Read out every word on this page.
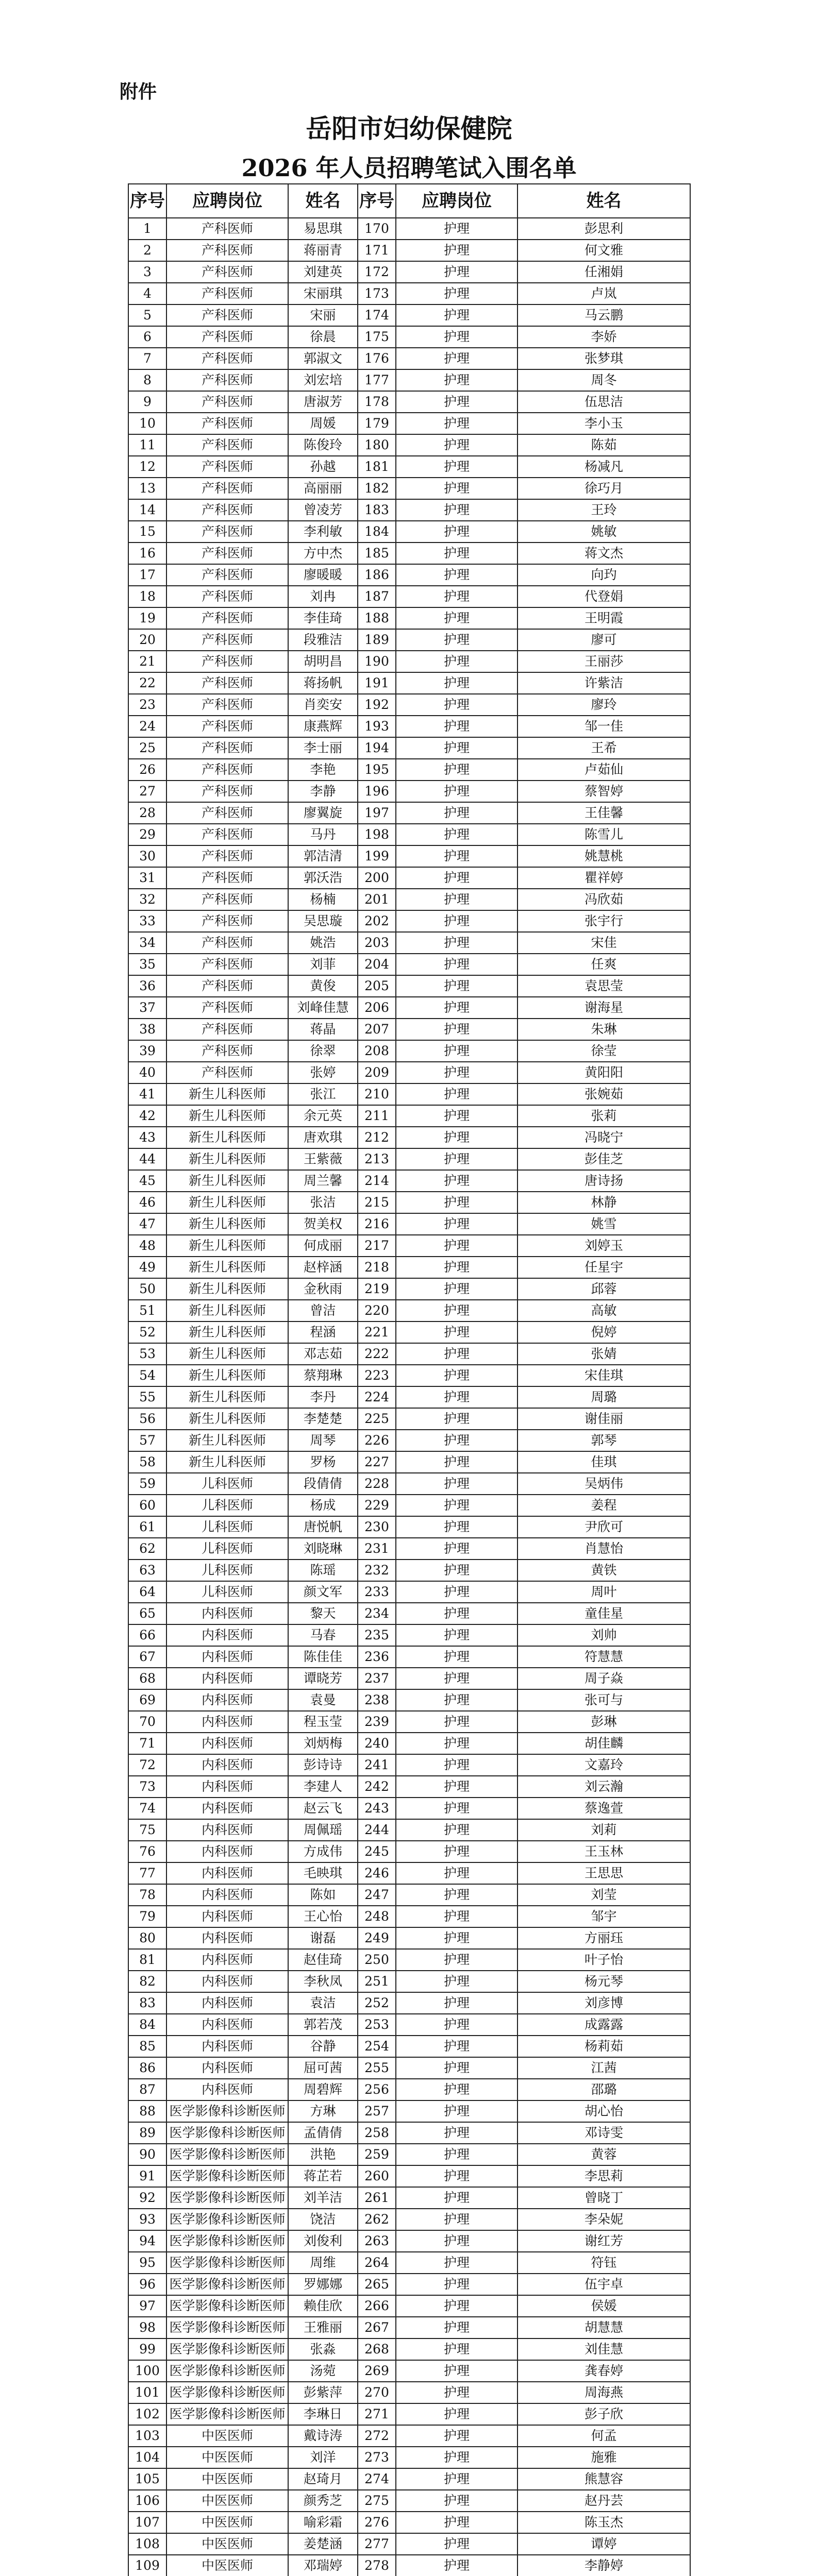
附件
岳阳市妇幼保健院
2026 年人员招聘笔试入围名单
序号	应聘岗位	姓名	序号	应聘岗位	姓名
1	产科医师	易思琪	170	护理	彭思利
2	产科医师	蒋丽青	171	护理	何文雅
3	产科医师	刘建英	172	护理	任湘娟
4	产科医师	宋丽琪	173	护理	卢岚
5	产科医师	宋丽	174	护理	马云鹏
6	产科医师	徐晨	175	护理	李娇
7	产科医师	郭淑文	176	护理	张梦琪
8	产科医师	刘宏培	177	护理	周冬
9	产科医师	唐淑芳	178	护理	伍思洁
10	产科医师	周媛	179	护理	李小玉
11	产科医师	陈俊玲	180	护理	陈茹
12	产科医师	孙越	181	护理	杨减凡
13	产科医师	高丽丽	182	护理	徐巧月
14	产科医师	曾凌芳	183	护理	王玲
15	产科医师	李利敏	184	护理	姚敏
16	产科医师	方中杰	185	护理	蒋文杰
17	产科医师	廖暖暖	186	护理	向玓
18	产科医师	刘冉	187	护理	代登娟
19	产科医师	李佳琦	188	护理	王明霞
20	产科医师	段雅洁	189	护理	廖可
21	产科医师	胡明昌	190	护理	王丽莎
22	产科医师	蒋扬帆	191	护理	许紫洁
23	产科医师	肖奕安	192	护理	廖玲
24	产科医师	康燕辉	193	护理	邹一佳
25	产科医师	李士丽	194	护理	王希
26	产科医师	李艳	195	护理	卢茹仙
27	产科医师	李静	196	护理	蔡智婷
28	产科医师	廖翼旋	197	护理	王佳馨
29	产科医师	马丹	198	护理	陈雪儿
30	产科医师	郭洁清	199	护理	姚慧桃
31	产科医师	郭沃浩	200	护理	瞿祥婷
32	产科医师	杨楠	201	护理	冯欣茹
33	产科医师	吴思璇	202	护理	张宇行
34	产科医师	姚浩	203	护理	宋佳
35	产科医师	刘菲	204	护理	任爽
36	产科医师	黄俊	205	护理	袁思莹
37	产科医师	刘峰佳慧	206	护理	谢海星
38	产科医师	蒋晶	207	护理	朱琳
39	产科医师	徐翠	208	护理	徐莹
40	产科医师	张婷	209	护理	黄阳阳
41	新生儿科医师	张江	210	护理	张婉茹
42	新生儿科医师	余元英	211	护理	张莉
43	新生儿科医师	唐欢琪	212	护理	冯晓宁
44	新生儿科医师	王紫薇	213	护理	彭佳芝
45	新生儿科医师	周兰馨	214	护理	唐诗扬
46	新生儿科医师	张洁	215	护理	林静
47	新生儿科医师	贺美权	216	护理	姚雪
48	新生儿科医师	何成丽	217	护理	刘婷玉
49	新生儿科医师	赵梓涵	218	护理	任星宇
50	新生儿科医师	金秋雨	219	护理	邱蓉
51	新生儿科医师	曾洁	220	护理	高敏
52	新生儿科医师	程涵	221	护理	倪婷
53	新生儿科医师	邓志茹	222	护理	张婧
54	新生儿科医师	蔡翔琳	223	护理	宋佳琪
55	新生儿科医师	李丹	224	护理	周璐
56	新生儿科医师	李楚楚	225	护理	谢佳丽
57	新生儿科医师	周琴	226	护理	郭琴
58	新生儿科医师	罗杨	227	护理	佳琪
59	儿科医师	段倩倩	228	护理	吴炳伟
60	儿科医师	杨成	229	护理	姜程
61	儿科医师	唐悦帆	230	护理	尹欣可
62	儿科医师	刘晓琳	231	护理	肖慧怡
63	儿科医师	陈瑶	232	护理	黄铁
64	儿科医师	颜文军	233	护理	周叶
65	内科医师	黎天	234	护理	童佳星
66	内科医师	马春	235	护理	刘帅
67	内科医师	陈佳佳	236	护理	符慧慧
68	内科医师	谭晓芳	237	护理	周子焱
69	内科医师	袁曼	238	护理	张可与
70	内科医师	程玉莹	239	护理	彭琳
71	内科医师	刘炳梅	240	护理	胡佳麟
72	内科医师	彭诗诗	241	护理	文嘉玲
73	内科医师	李建人	242	护理	刘云瀚
74	内科医师	赵云飞	243	护理	蔡逸萱
75	内科医师	周佩瑶	244	护理	刘莉
76	内科医师	方成伟	245	护理	王玉林
77	内科医师	毛映琪	246	护理	王思思
78	内科医师	陈如	247	护理	刘莹
79	内科医师	王心怡	248	护理	邹宇
80	内科医师	谢磊	249	护理	方丽珏
81	内科医师	赵佳琦	250	护理	叶子怡
82	内科医师	李秋凤	251	护理	杨元琴
83	内科医师	袁洁	252	护理	刘彦博
84	内科医师	郭若茂	253	护理	成露露
85	内科医师	谷静	254	护理	杨莉茹
86	内科医师	屈可茜	255	护理	江茜
87	内科医师	周碧辉	256	护理	邵璐
88	医学影像科诊断医师	方琳	257	护理	胡心怡
89	医学影像科诊断医师	孟倩倩	258	护理	邓诗雯
90	医学影像科诊断医师	洪艳	259	护理	黄蓉
91	医学影像科诊断医师	蒋芷若	260	护理	李思莉
92	医学影像科诊断医师	刘羊洁	261	护理	曾晓丁
93	医学影像科诊断医师	饶洁	262	护理	李朵妮
94	医学影像科诊断医师	刘俊利	263	护理	谢红芳
95	医学影像科诊断医师	周维	264	护理	符钰
96	医学影像科诊断医师	罗娜娜	265	护理	伍宇卓
97	医学影像科诊断医师	赖佳欣	266	护理	侯媛
98	医学影像科诊断医师	王雅丽	267	护理	胡慧慧
99	医学影像科诊断医师	张淼	268	护理	刘佳慧
100	医学影像科诊断医师	汤菀	269	护理	龚春婷
101	医学影像科诊断医师	彭紫萍	270	护理	周海燕
102	医学影像科诊断医师	李琳日	271	护理	彭子欣
103	中医医师	戴诗涛	272	护理	何孟
104	中医医师	刘洋	273	护理	施雅
105	中医医师	赵琦月	274	护理	熊慧容
106	中医医师	颜秀芝	275	护理	赵丹芸
107	中医医师	喻彩霜	276	护理	陈玉杰
108	中医医师	姜楚涵	277	护理	谭婷
109	中医医师	邓瑞婷	278	护理	李静婷
